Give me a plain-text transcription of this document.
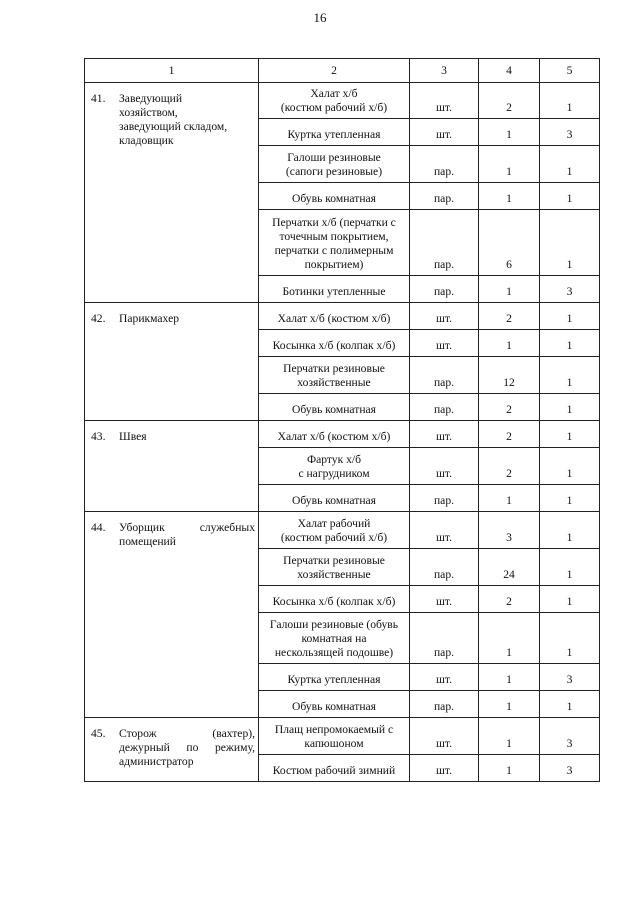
16
1	2	3	4	5

41. Заведующий
хозяйством,
заведующий складом,
кладовщик	Халат х/б
(костюм рабочий х/б)	шт.	2	1
	Куртка утепленная	шт.	1	3
	Галоши резиновые
(сапоги резиновые)	пар.	1	1
	Обувь комнатная	пар.	1	1
	Перчатки х/б (перчатки с
точечным покрытием,
перчатки с полимерным
покрытием)	пар.	6	1
	Ботинки утепленные	пар.	1	3

42. Парикмахер	Халат х/б (костюм х/б)	шт.	2	1
	Косынка х/б (колпак х/б)	шт.	1	1
	Перчатки резиновые
хозяйственные	пар.	12	1
	Обувь комнатная	пар.	2	1

43. Швея	Халат х/б (костюм х/б)	шт.	2	1
	Фартук х/б
с нагрудником	шт.	2	1
	Обувь комнатная	пар.	1	1

44. Уборщик служебных
помещений	Халат рабочий
(костюм рабочий х/б)	шт.	3	1
	Перчатки резиновые
хозяйственные	пар.	24	1
	Косынка х/б (колпак х/б)	шт.	2	1
	Галоши резиновые (обувь
комнатная на
нескользящей подошве)	пар.	1	1
	Куртка утепленная	шт.	1	3
	Обувь комнатная	пар.	1	1

45. Сторож (вахтер),
дежурный по режиму,
администратор	Плащ непромокаемый с
капюшоном	шт.	1	3
	Костюм рабочий зимний	шт.	1	3
